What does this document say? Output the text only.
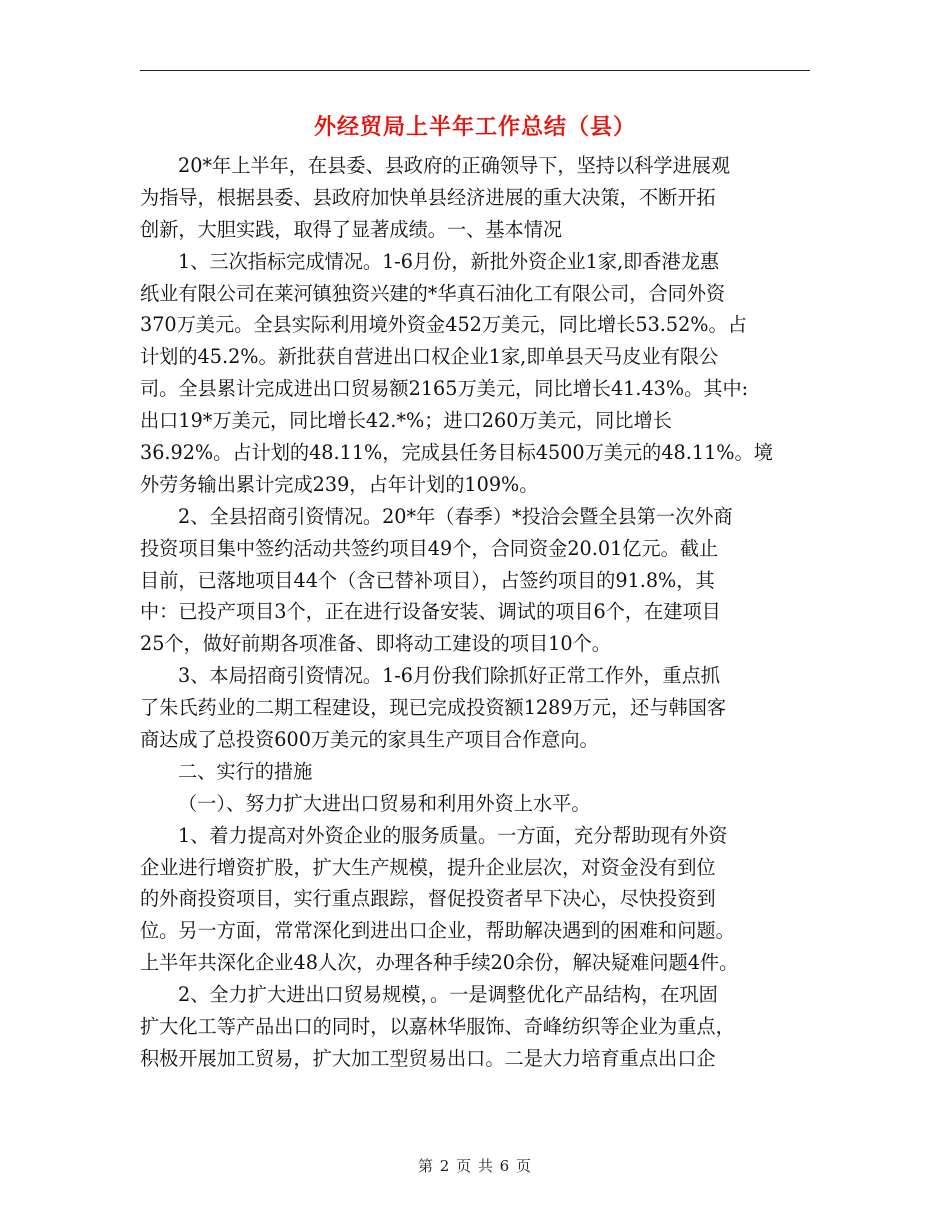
外经贸局上半年工作总结（县）
20*年上半年，在县委、县政府的正确领导下，坚持以科学进展观
为指导，根据县委、县政府加快单县经济进展的重大决策，不断开拓
创新，大胆实践，取得了显著成绩。一、基本情况
1、三次指标完成情况。1-6月份，新批外资企业1家,即香港龙惠
纸业有限公司在莱河镇独资兴建的*华真石油化工有限公司，合同外资
370万美元。全县实际利用境外资金452万美元，同比增长53.52%。占
计划的45.2%。新批获自营进出口权企业1家,即单县天马皮业有限公
司。全县累计完成进出口贸易额2165万美元，同比增长41.43%。其中:
出口19*万美元，同比增长42.*%；进口260万美元，同比增长
36.92%。占计划的48.11%，完成县任务目标4500万美元的48.11%。境
外劳务输出累计完成239，占年计划的109%。
2、全县招商引资情况。20*年（春季）*投洽会暨全县第一次外商
投资项目集中签约活动共签约项目49个，合同资金20.01亿元。截止
目前，已落地项目44个（含已替补项目），占签约项目的91.8%，其
中：已投产项目3个，正在进行设备安装、调试的项目6个，在建项目
25个，做好前期各项准备、即将动工建设的项目10个。
3、本局招商引资情况。1-6月份我们除抓好正常工作外，重点抓
了朱氏药业的二期工程建设，现已完成投资额1289万元，还与韩国客
商达成了总投资600万美元的家具生产项目合作意向。
二、实行的措施
（一）、努力扩大进出口贸易和利用外资上水平。
1、着力提高对外资企业的服务质量。一方面，充分帮助现有外资
企业进行增资扩股，扩大生产规模，提升企业层次，对资金没有到位
的外商投资项目，实行重点跟踪，督促投资者早下决心，尽快投资到
位。另一方面，常常深化到进出口企业，帮助解决遇到的困难和问题。
上半年共深化企业48人次，办理各种手续20余份，解决疑难问题4件。
2、全力扩大进出口贸易规模，。一是调整优化产品结构，在巩固
扩大化工等产品出口的同时，以嘉林华服饰、奇峰纺织等企业为重点，
积极开展加工贸易，扩大加工型贸易出口。二是大力培育重点出口企
第 2 页 共 6 页
